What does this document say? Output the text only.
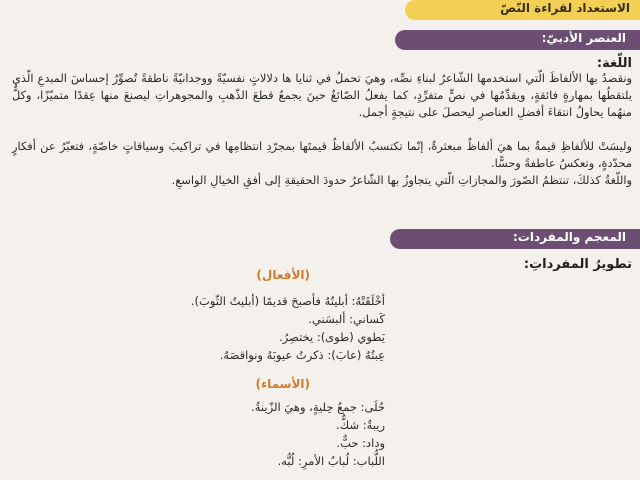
الاستعداد لقراءة النّصّ
العنصر الأدبيّ:
اللّغة:
ونقصدُ بها الألفاظَ الّتي استخدمها الشّاعرُ لبناءِ نصِّه، وهيَ تحملُ في ثنايا ها دلالاتٍ نفسيّةً ووجدانيّةً ناطقةً تُصوِّرُ إحساسَ المبدعِ الّذي يلتقطُها بمهارةٍ فائقةٍ، ويقدِّمُها في نصٍّ متفرِّدٍ، كما يفعلُ الصّائغُ حينَ يجمعُ قطعَ الذّهبِ والمجوهراتِ ليصنعَ منها عِقدًا متميّزًا، وكلٌّ منهُما يحاولُ انتقاءَ أفضلِ العناصرِ ليحصلَ على نتيجةٍ أجمل.
وليسَتْ للألفاظِ قيمةٌ بما هيَ ألفاظٌ مبعثرةٌ، إنّما تكتسبُ الألفاظُ قيمتَها بمجرّدِ انتظامِها في تراكيبَ وسياقاتٍ خاصّةٍ، فتعبّرُ عن أفكارٍ محدّدةٍ، وتعكسُ عاطفةً وحسًّا.
واللّغةُ كذلكَ، تنتظمُ الصّورَ والمجازاتِ الّتي يتجاوزُ بها الشّاعرُ حدودَ الحقيقةِ إلى أفقِ الخيالِ الواسعِ.
المعجم والمفردات:
تطويرُ المفرداتِ:
(الأفعال)
أخْلَقَتْهُ: أبليتُهُ فأصبحَ قديمًا (أبليتُ الثّوبَ).
كَساني: ألبسَني.
يَطوي (طوى): يختصِرُ.
عِبتُهُ (عابَ): ذكرتُ عيوبَهُ ونواقصَهُ.
(الأسماء)
حُلَى: جمعُ حِليةٍ، وهيَ الزّينةُ.
ريبةٌ: شكٌّ.
وداد: حبٌّ.
اللُّباب: لُبابُ الأمرِ: لُبُّه.
